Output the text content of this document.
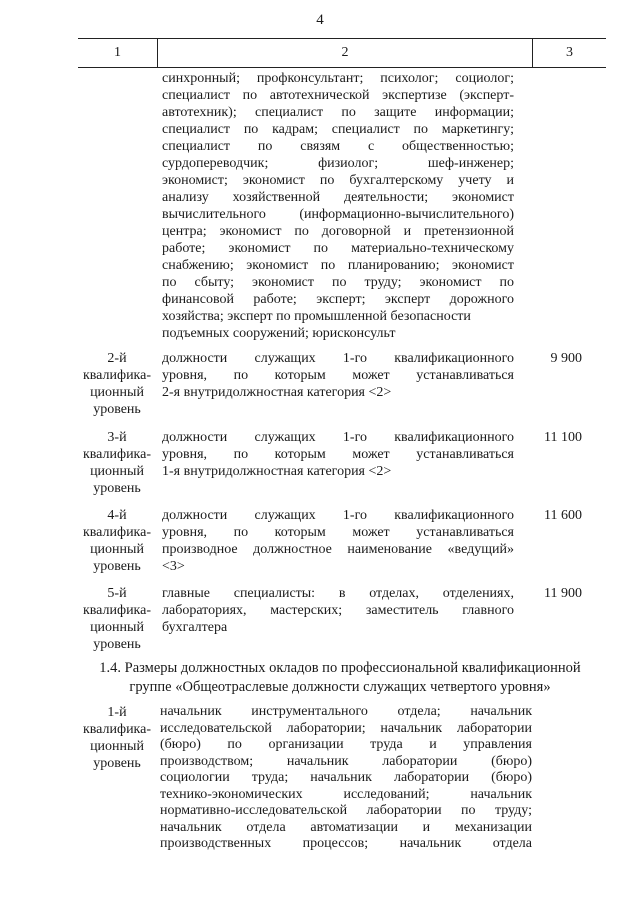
4
1	2	3
синхронный; профконсультант; психолог; социолог;
специалист по автотехнической экспертизе (эксперт-
автотехник); специалист по защите информации;
специалист по кадрам; специалист по маркетингу;
специалист по связям с общественностью;
сурдопереводчик; физиолог; шеф-инженер;
экономист; экономист по бухгалтерскому учету и
анализу хозяйственной деятельности; экономист
вычислительного (информационно-вычислительного)
центра; экономист по договорной и претензионной
работе; экономист по материально-техническому
снабжению; экономист по планированию; экономист
по сбыту; экономист по труду; экономист по
финансовой работе; эксперт; эксперт дорожного
хозяйства; эксперт по промышленной безопасности
подъемных сооружений; юрисконсульт
2-й
квалифика-
ционный
уровень
должности служащих 1-го квалификационного
уровня, по которым может устанавливаться
2-я внутридолжностная категория <2>
9 900
3-й
квалифика-
ционный
уровень
должности служащих 1-го квалификационного
уровня, по которым может устанавливаться
1-я внутридолжностная категория <2>
11 100
4-й
квалифика-
ционный
уровень
должности служащих 1-го квалификационного
уровня, по которым может устанавливаться
производное должностное наименование «ведущий»
<3>
11 600
5-й
квалифика-
ционный
уровень
главные специалисты: в отделах, отделениях,
лабораториях, мастерских; заместитель главного
бухгалтера
11 900
1.4. Размеры должностных окладов по профессиональной квалификационной
группе «Общеотраслевые должности служащих четвертого уровня»
1-й
квалифика-
ционный
уровень
начальник инструментального отдела; начальник
исследовательской лаборатории; начальник лаборатории
(бюро) по организации труда и управления
производством; начальник лаборатории (бюро)
социологии труда; начальник лаборатории (бюро)
технико-экономических исследований; начальник
нормативно-исследовательской лаборатории по труду;
начальник отдела автоматизации и механизации
производственных процессов; начальник отдела
